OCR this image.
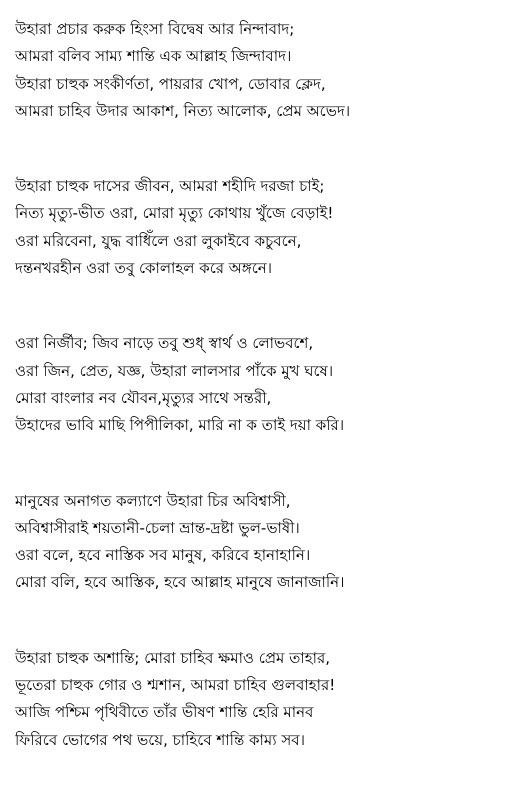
উহারা প্রচার করুক হিংসা বিদ্বেষ আর নিন্দাবাদ;
আমরা বলিব সাম্য শান্তি এক আল্লাহ জিন্দাবাদ।
উহারা চাহুক সংকীর্ণতা, পায়রার খোপ, ডোবার ক্লেদ,
আমরা চাহিব উদার আকাশ, নিত্য আলোক, প্রেম অভেদ।
উহারা চাহুক দাসের জীবন, আমরা শহীদি দরজা চাই;
নিত্য মৃত্যু-ভীত ওরা, মোরা মৃত্যু কোথায় খুঁজে বেড়াই!
ওরা মরিবেনা, যুদ্ধ বাধিঁলে ওরা লুকাইবে কচুবনে,
দন্তনখরহীন ওরা তবু কোলাহল করে অঙ্গনে।
ওরা নির্জীব; জিব নাড়ে তবু শুধ্ স্বার্থ ও লোভবশে,
ওরা জিন, প্রেত, যজ্ঞ, উহারা লালসার পাঁকে মুখ ঘষে।
মোরা বাংলার নব যৌবন,মৃত্যুর সাথে সন্তরী,
উহাদের ভাবি মাছি পিপীলিকা, মারি না ক তাই দয়া করি।
মানুষের অনাগত কল্যাণে উহারা চির অবিশ্বাসী,
অবিশ্বাসীরাই শয়তানী-চেলা ভ্রান্ত-দ্রষ্টা ভুল-ভাষী।
ওরা বলে, হবে নাস্তিক সব মানুষ, করিবে হানাহানি।
মোরা বলি, হবে আস্তিক, হবে আল্লাহ মানুষে জানাজানি।
উহারা চাহুক অশান্তি; মোরা চাহিব ক্ষমাও প্রেম তাহার,
ভূতেরা চাহুক গোর ও শ্মশান, আমরা চাহিব গুলবাহার!
আজি পশ্চিম পৃথিবীতে তাঁর ভীষণ শান্তি হেরি মানব
ফিরিবে ভোগের পথ ভয়ে, চাহিবে শান্তি কাম্য সব।
